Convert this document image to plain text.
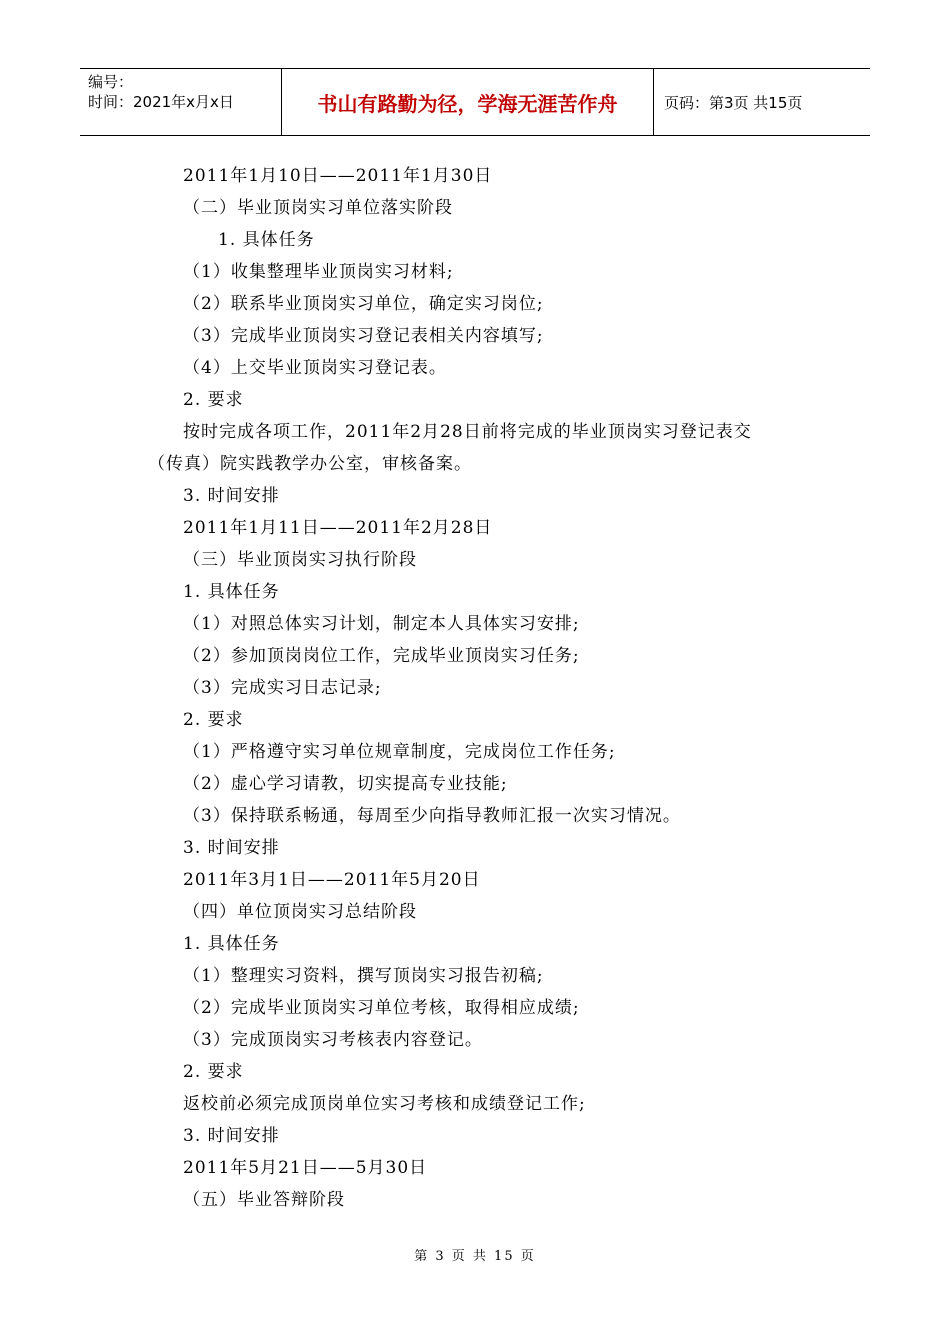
编号：
时间：2021年x月x日	书山有路勤为径，学海无涯苦作舟	页码：第3页 共15页
2011年1月10日——2011年1月30日
（二）毕业顶岗实习单位落实阶段
1. 具体任务
（1）收集整理毕业顶岗实习材料;
（2）联系毕业顶岗实习单位，确定实习岗位;
（3）完成毕业顶岗实习登记表相关内容填写;
（4）上交毕业顶岗实习登记表。
2. 要求
按时完成各项工作，2011年2月28日前将完成的毕业顶岗实习登记表交
（传真）院实践教学办公室，审核备案。
3. 时间安排
2011年1月11日——2011年2月28日
（三）毕业顶岗实习执行阶段
1. 具体任务
（1）对照总体实习计划，制定本人具体实习安排;
（2）参加顶岗岗位工作，完成毕业顶岗实习任务;
（3）完成实习日志记录;
2. 要求
（1）严格遵守实习单位规章制度，完成岗位工作任务;
（2）虚心学习请教，切实提高专业技能;
（3）保持联系畅通，每周至少向指导教师汇报一次实习情况。
3. 时间安排
2011年3月1日——2011年5月20日
（四）单位顶岗实习总结阶段
1. 具体任务
（1）整理实习资料，撰写顶岗实习报告初稿;
（2）完成毕业顶岗实习单位考核，取得相应成绩;
（3）完成顶岗实习考核表内容登记。
2. 要求
返校前必须完成顶岗单位实习考核和成绩登记工作;
3. 时间安排
2011年5月21日——5月30日
（五）毕业答辩阶段
第 3 页 共 15 页
